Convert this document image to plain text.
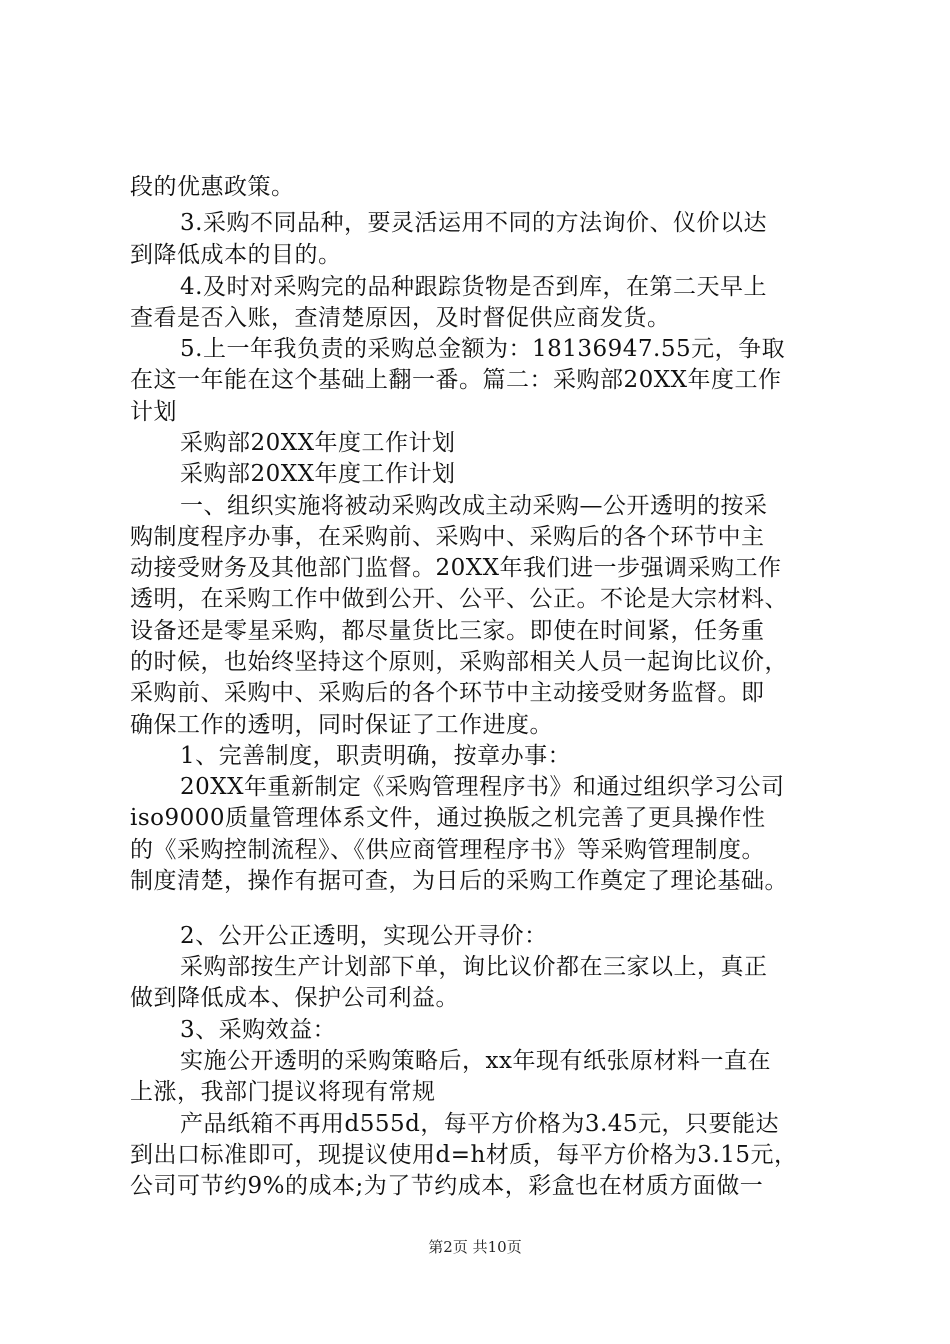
段的优惠政策。
3.采购不同品种，要灵活运用不同的方法询价、仪价以达
到降低成本的目的。
4.及时对采购完的品种跟踪货物是否到库，在第二天早上
查看是否入账，查清楚原因，及时督促供应商发货。
5.上一年我负责的采购总金额为：18136947.55元，争取
在这一年能在这个基础上翻一番。篇二：采购部20XX年度工作
计划
采购部20XX年度工作计划
采购部20XX年度工作计划
一、组织实施将被动采购改成主动采购—公开透明的按采
购制度程序办事，在采购前、采购中、采购后的各个环节中主
动接受财务及其他部门监督。20XX年我们进一步强调采购工作
透明，在采购工作中做到公开、公平、公正。不论是大宗材料、
设备还是零星采购，都尽量货比三家。即使在时间紧，任务重
的时候，也始终坚持这个原则，采购部相关人员一起询比议价，
采购前、采购中、采购后的各个环节中主动接受财务监督。即
确保工作的透明，同时保证了工作进度。
1、完善制度，职责明确，按章办事：
20XX年重新制定《采购管理程序书》和通过组织学习公司
iso9000质量管理体系文件，通过换版之机完善了更具操作性
的《采购控制流程》、《供应商管理程序书》等采购管理制度。
制度清楚，操作有据可查，为日后的采购工作奠定了理论基础。
2、公开公正透明，实现公开寻价：
采购部按生产计划部下单，询比议价都在三家以上，真正
做到降低成本、保护公司利益。
3、采购效益：
实施公开透明的采购策略后，xx年现有纸张原材料一直在
上涨，我部门提议将现有常规
产品纸箱不再用d555d，每平方价格为3.45元，只要能达
到出口标准即可，现提议使用d=h材质，每平方价格为3.15元，
公司可节约9%的成本;为了节约成本，彩盒也在材质方面做一
第2页 共10页
